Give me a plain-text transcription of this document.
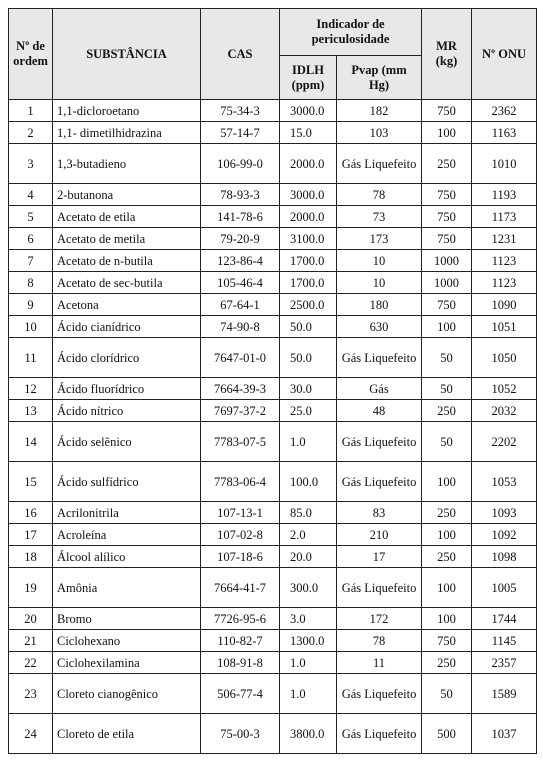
Nº de ordem	SUBSTÂNCIA	CAS	Indicador de periculosidade		MR (kg)	Nº ONU
			IDLH (ppm)	Pvap (mm Hg)		
1	1,1-dicloroetano	75-34-3	3000.0	182	750	2362
2	1,1- dimetilhidrazina	57-14-7	15.0	103	100	1163
3	1,3-butadieno	106-99-0	2000.0	Gás Liquefeito	250	1010
4	2-butanona	78-93-3	3000.0	78	750	1193
5	Acetato de etila	141-78-6	2000.0	73	750	1173
6	Acetato de metila	79-20-9	3100.0	173	750	1231
7	Acetato de n-butila	123-86-4	1700.0	10	1000	1123
8	Acetato de sec-butila	105-46-4	1700.0	10	1000	1123
9	Acetona	67-64-1	2500.0	180	750	1090
10	Ácido cianídrico	74-90-8	50.0	630	100	1051
11	Ácido clorídrico	7647-01-0	50.0	Gás Liquefeito	50	1050
12	Ácido fluorídrico	7664-39-3	30.0	Gás	50	1052
13	Ácido nítrico	7697-37-2	25.0	48	250	2032
14	Ácido selênico	7783-07-5	1.0	Gás Liquefeito	50	2202
15	Ácido sulfídrico	7783-06-4	100.0	Gás Liquefeito	100	1053
16	Acrilonitrila	107-13-1	85.0	83	250	1093
17	Acroleína	107-02-8	2.0	210	100	1092
18	Álcool alílico	107-18-6	20.0	17	250	1098
19	Amônia	7664-41-7	300.0	Gás Liquefeito	100	1005
20	Bromo	7726-95-6	3.0	172	100	1744
21	Ciclohexano	110-82-7	1300.0	78	750	1145
22	Ciclohexilamina	108-91-8	1.0	11	250	2357
23	Cloreto cianogênico	506-77-4	1.0	Gás Liquefeito	50	1589
24	Cloreto de etila	75-00-3	3800.0	Gás Liquefeito	500	1037
